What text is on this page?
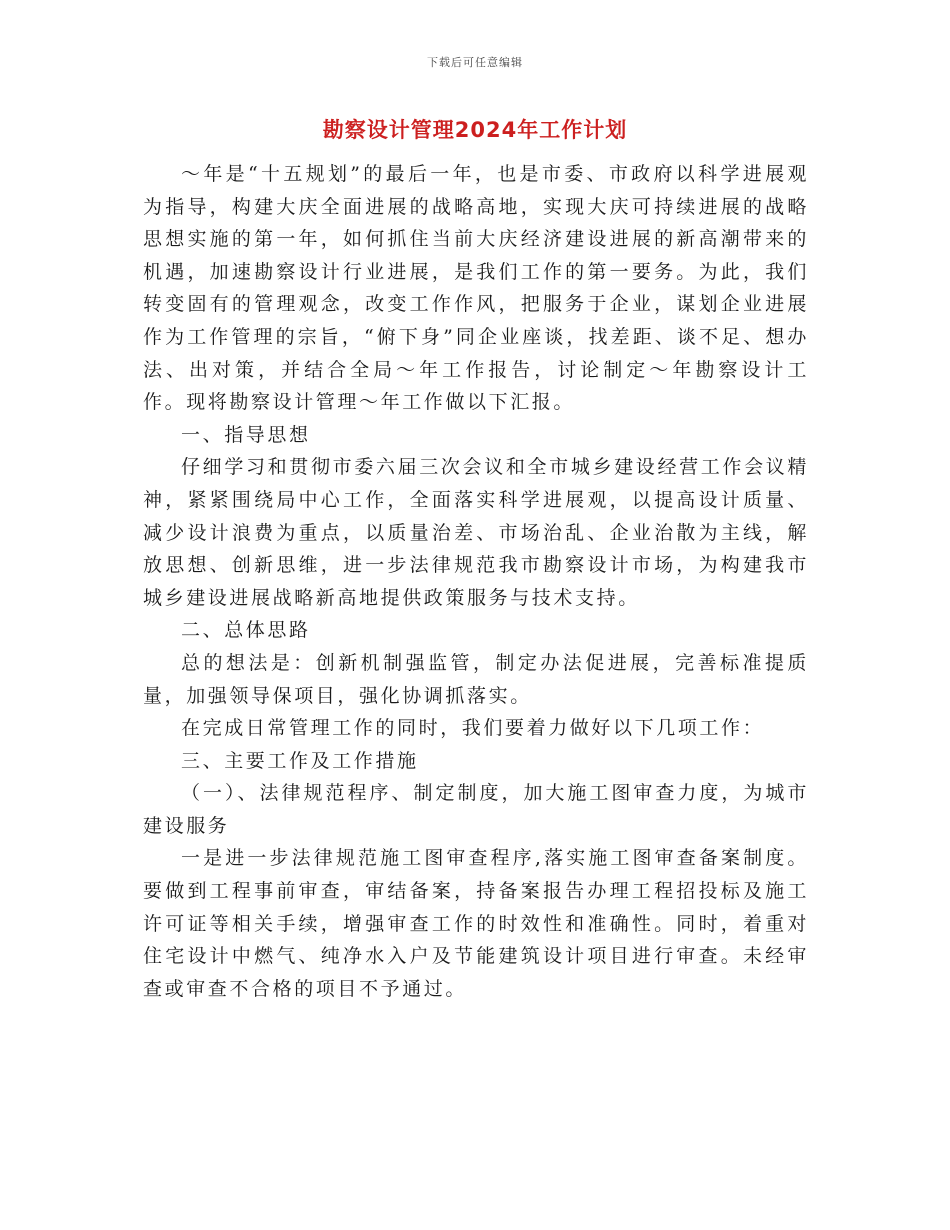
下载后可任意编辑
勘察设计管理2024年工作计划

～年是“十五规划”的最后一年，也是市委、市政府以科学进展观为指导，构建大庆全面进展的战略高地，实现大庆可持续进展的战略思想实施的第一年，如何抓住当前大庆经济建设进展的新高潮带来的机遇，加速勘察设计行业进展，是我们工作的第一要务。为此，我们转变固有的管理观念，改变工作作风，把服务于企业，谋划企业进展作为工作管理的宗旨，“俯下身”同企业座谈，找差距、谈不足、想办法、出对策，并结合全局～年工作报告，讨论制定～年勘察设计工作。现将勘察设计管理～年工作做以下汇报。

一、指导思想

仔细学习和贯彻市委六届三次会议和全市城乡建设经营工作会议精神，紧紧围绕局中心工作，全面落实科学进展观，以提高设计质量、减少设计浪费为重点，以质量治差、市场治乱、企业治散为主线，解放思想、创新思维，进一步法律规范我市勘察设计市场，为构建我市城乡建设进展战略新高地提供政策服务与技术支持。

二、总体思路

总的想法是：创新机制强监管，制定办法促进展，完善标准提质量，加强领导保项目，强化协调抓落实。

在完成日常管理工作的同时，我们要着力做好以下几项工作：

三、主要工作及工作措施

（一）、法律规范程序、制定制度，加大施工图审查力度，为城市建设服务

一是进一步法律规范施工图审查程序,落实施工图审查备案制度。要做到工程事前审查，审结备案，持备案报告办理工程招投标及施工许可证等相关手续，增强审查工作的时效性和准确性。同时，着重对住宅设计中燃气、纯净水入户及节能建筑设计项目进行审查。未经审查或审查不合格的项目不予通过。
